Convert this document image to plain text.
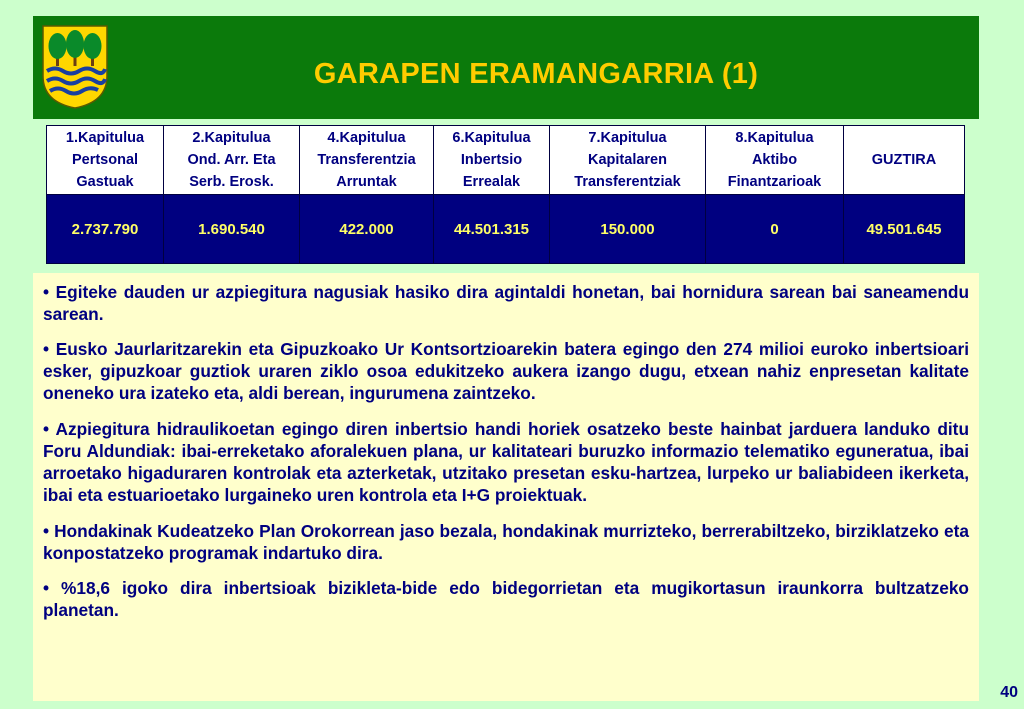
GARAPEN ERAMANGARRIA (1)
1.Kapitulua
Pertsonal
Gastuak	2.Kapitulua
Ond. Arr. Eta
Serb. Erosk.	4.Kapitulua
Transferentzia
Arruntak	6.Kapitulua
Inbertsio
Errealak	7.Kapitulua
Kapitalaren
Transferentziak	8.Kapitulua
Aktibo
Finantzarioak	GUZTIRA

2.737.790	1.690.540	422.000	44.501.315	150.000	0	49.501.645

• Egiteke dauden ur azpiegitura nagusiak hasiko dira agintaldi honetan, bai hornidura sarean bai saneamendu sarean.

• Eusko Jaurlaritzarekin eta Gipuzkoako Ur Kontsortzioarekin batera egingo den 274 milioi euroko inbertsioari esker, gipuzkoar guztiok uraren ziklo osoa edukitzeko aukera izango dugu, etxean nahiz enpresetan kalitate oneneko ura izateko eta, aldi berean, ingurumena zaintzeko.

• Azpiegitura hidraulikoetan egingo diren inbertsio handi horiek osatzeko beste hainbat jarduera landuko ditu Foru Aldundiak: ibai-erreketako aforalekuen plana, ur kalitateari buruzko informazio telematiko eguneratua, ibai arroetako higaduraren kontrolak eta azterketak, utzitako presetan esku-hartzea, lurpeko ur baliabideen ikerketa, ibai eta estuarioetako lurgaineko uren kontrola eta I+G proiektuak.

• Hondakinak Kudeatzeko Plan Orokorrean jaso bezala, hondakinak murrizteko, berrerabiltzeko, birziklatzeko eta konpostatzeko programak indartuko dira.

• %18,6 igoko dira inbertsioak bizikleta-bide edo bidegorrietan eta mugikortasun iraunkorra bultzatzeko planetan.

40
